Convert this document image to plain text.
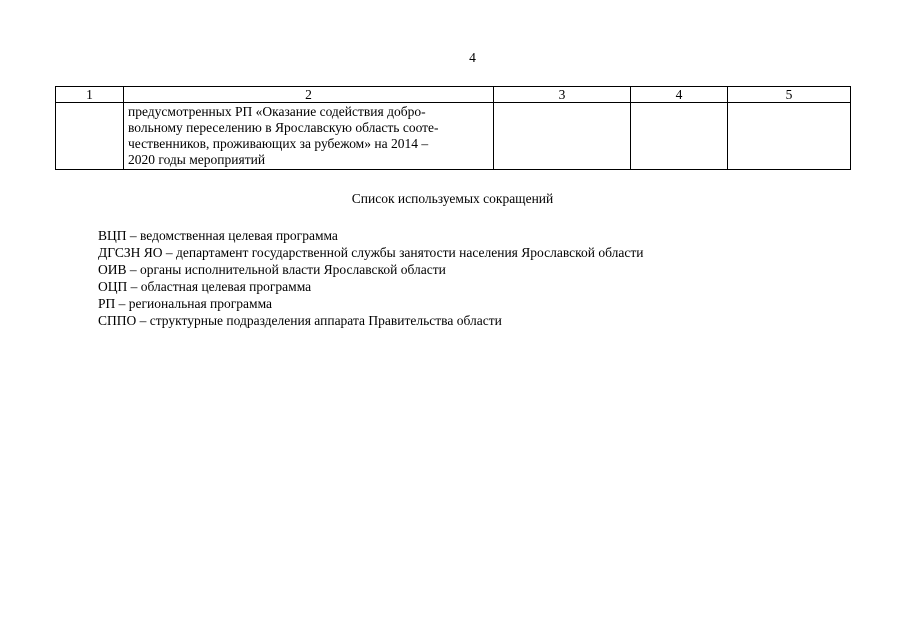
4
1	2	3	4	5

	предусмотренных РП «Оказание содействия добро-
вольному переселению в Ярославскую область сооте-
чественников, проживающих за рубежом» на 2014 –
2020 годы мероприятий			

Список используемых сокращений
ВЦП – ведомственная целевая программа
ДГСЗН ЯО – департамент государственной службы занятости населения Ярославской области
ОИВ – органы исполнительной власти Ярославской области
ОЦП – областная целевая программа
РП – региональная программа
СППО – структурные подразделения аппарата Правительства области
